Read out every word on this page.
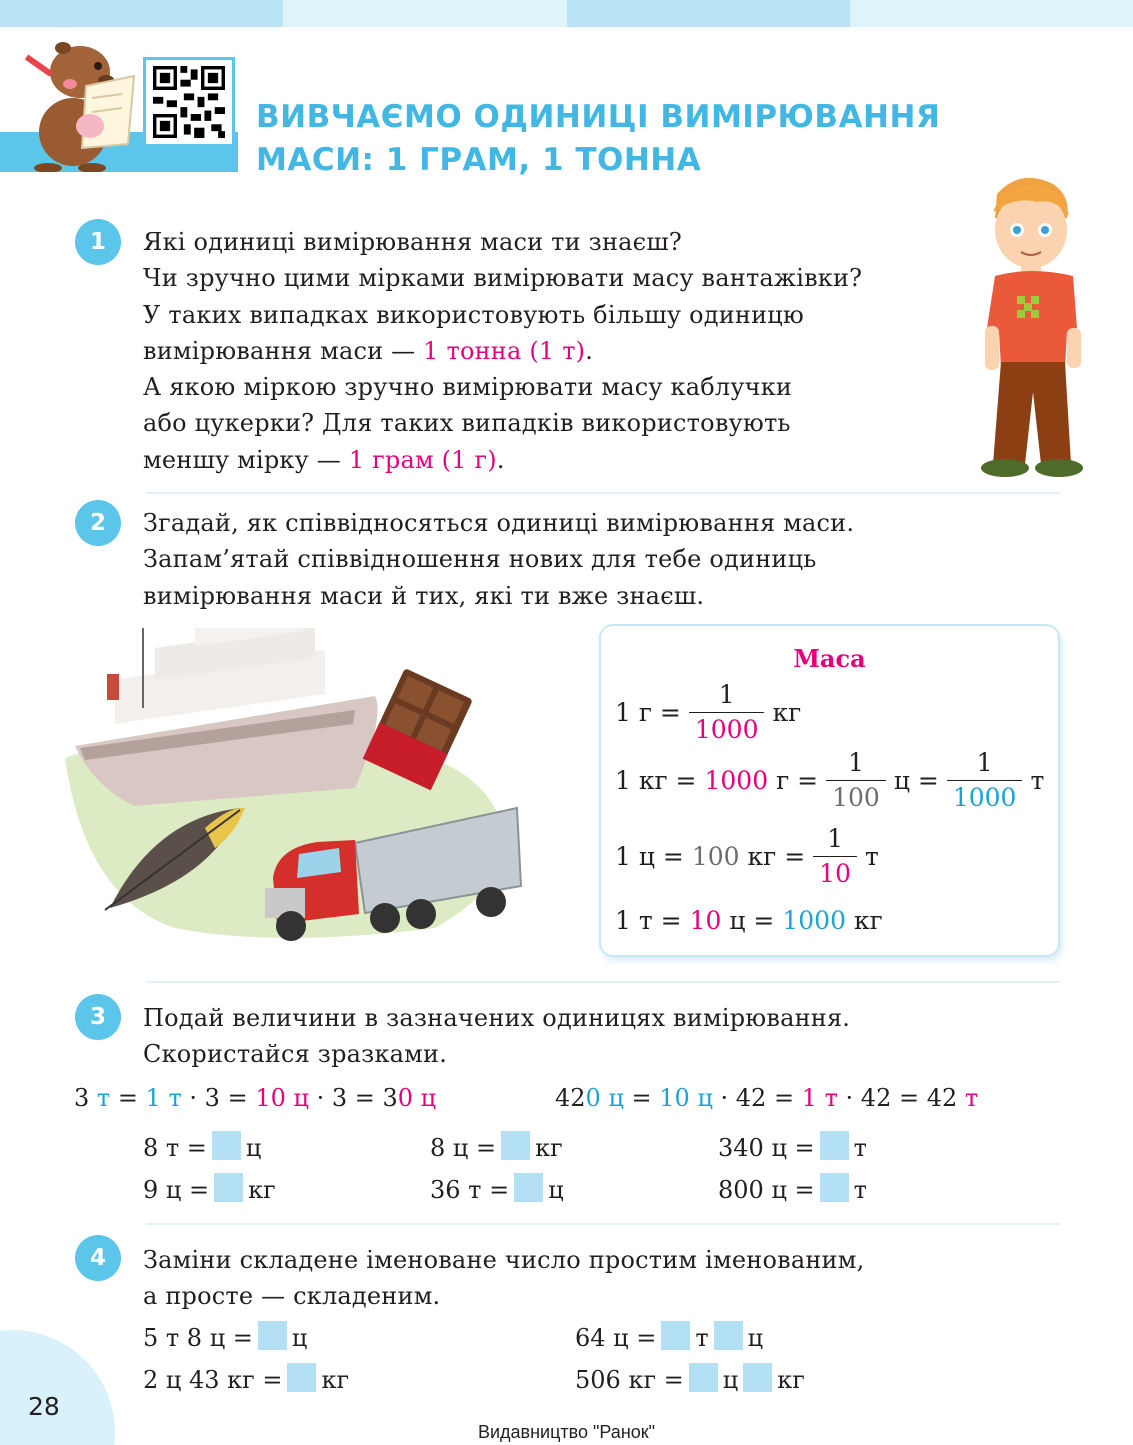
ВИВЧАЄМО ОДИНИЦІ ВИМІРЮВАННЯ
МАСИ: 1 ГРАМ, 1 ТОННА
1	Які одиниці вимірювання маси ти знаєш?
Чи зручно цими мірками вимірювати масу вантажівки?
У таких випадках використовують більшу одиницю
вимірювання маси — 1 тонна (1 т).
А якою міркою зручно вимірювати масу каблучки
або цукерки? Для таких випадків використовують
меншу мірку — 1 грам (1 г).
2	Згадай, як співвідносяться одиниці вимірювання маси.
Запам’ятай співвідношення нових для тебе одиниць
вимірювання маси й тих, які ти вже знаєш.
Маса
1 $г = \frac{1}{1000}$ кг
1 кг = 1000 $г = \frac{1}{100}$ $ц = \frac{1}{1000}$ т
1 ц = 100 кг = $\frac{1}{10}$ т
1 т = 10 ц = 1000 кг
3	Подай величини в зазначених одиницях вимірювання.
Скористайся зразками.
3 т = 1 т · 3 = 10 ц · 3 = 30 ц	420 ц = 10 ц · 42 = 1 т · 42 = 42 т
8 т = ц	8 ц = кг	340 ц = т
9 ц = кг	36 т = ц	800 ц = т
4	Заміни складене іменоване число простим іменованим,
а просте — складеним.
5 т 8 ц = ц	64 ц = т ц
2 ц 43 кг = кг	506 кг = ц кг
28
Видавництво "Ранок"
